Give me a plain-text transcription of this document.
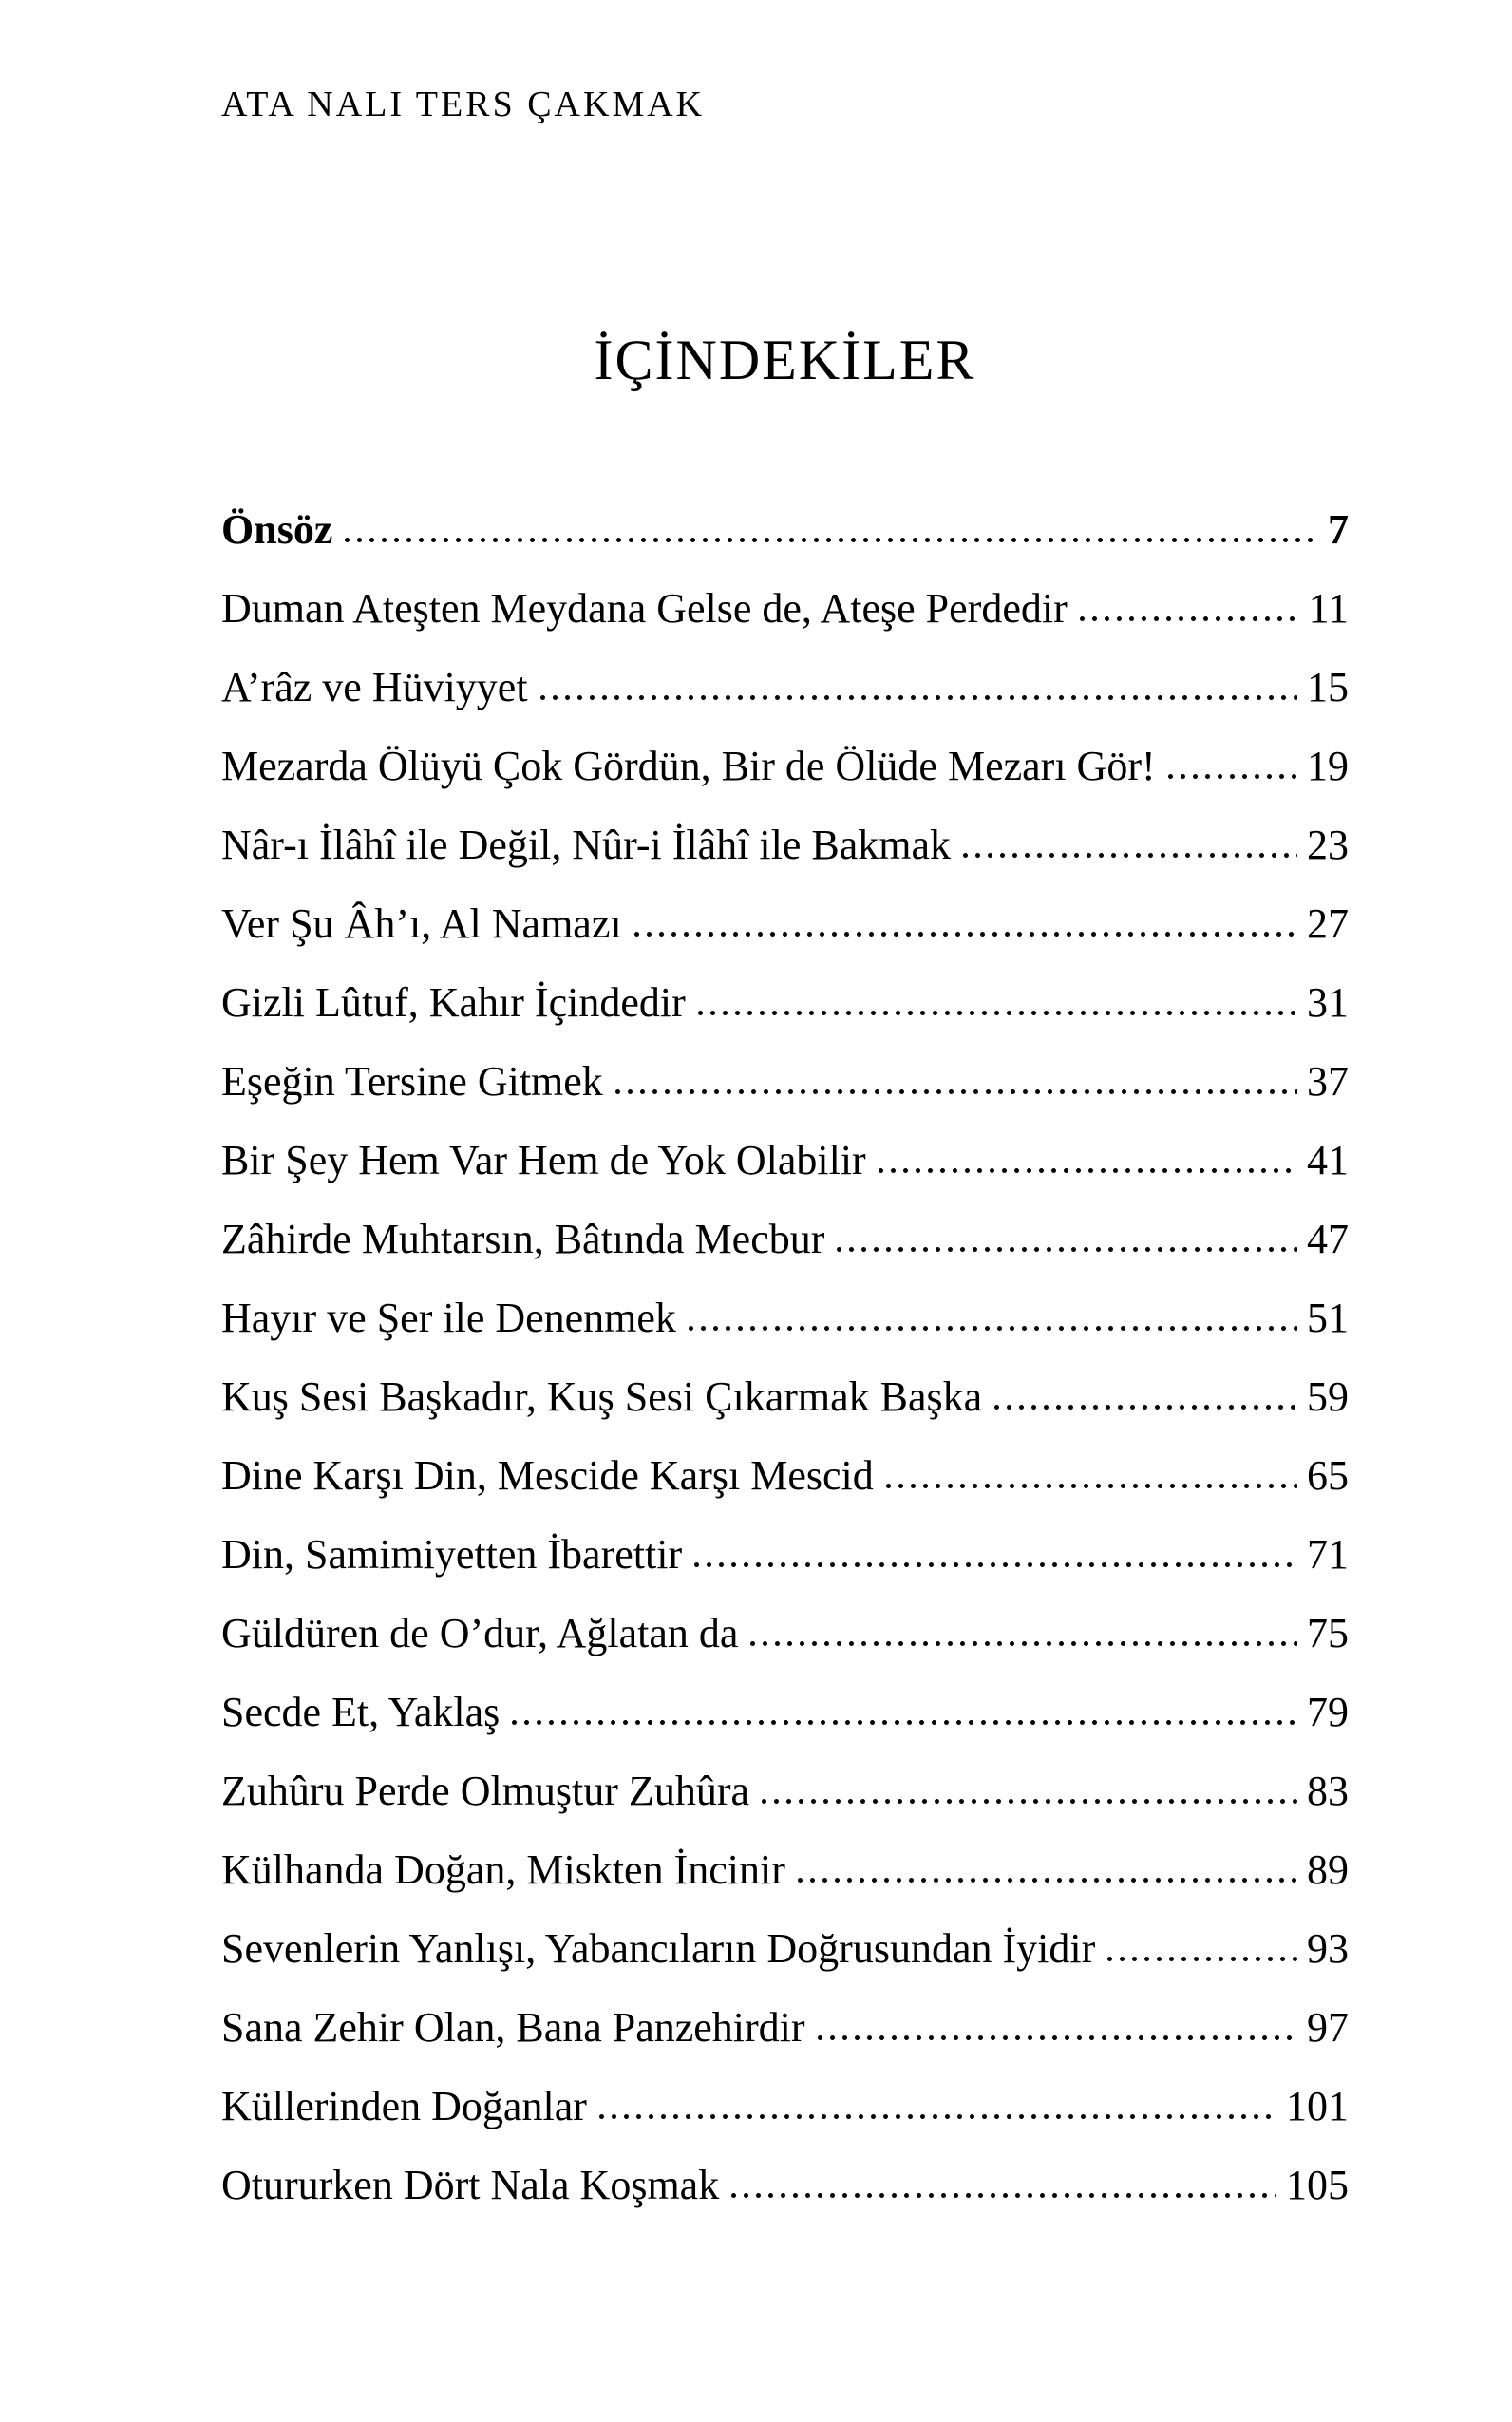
ATA NALI TERS ÇAKMAK
İÇİNDEKİLER
Önsöz	7
Duman Ateşten Meydana Gelse de, Ateşe Perdedir	11
A’râz ve Hüviyyet	15
Mezarda Ölüyü Çok Gördün, Bir de Ölüde Mezarı Gör!	19
Nâr-ı İlâhî ile Değil, Nûr-i İlâhî ile Bakmak	23
Ver Şu Âh’ı, Al Namazı	27
Gizli Lûtuf, Kahır İçindedir	31
Eşeğin Tersine Gitmek	37
Bir Şey Hem Var Hem de Yok Olabilir	41
Zâhirde Muhtarsın, Bâtında Mecbur	47
Hayır ve Şer ile Denenmek	51
Kuş Sesi Başkadır, Kuş Sesi Çıkarmak Başka	59
Dine Karşı Din, Mescide Karşı Mescid	65
Din, Samimiyetten İbarettir	71
Güldüren de O’dur, Ağlatan da	75
Secde Et, Yaklaş	79
Zuhûru Perde Olmuştur Zuhûra	83
Külhanda Doğan, Miskten İncinir	89
Sevenlerin Yanlışı, Yabancıların Doğrusundan İyidir	93
Sana Zehir Olan, Bana Panzehirdir	97
Küllerinden Doğanlar	101
Otururken Dört Nala Koşmak	105
